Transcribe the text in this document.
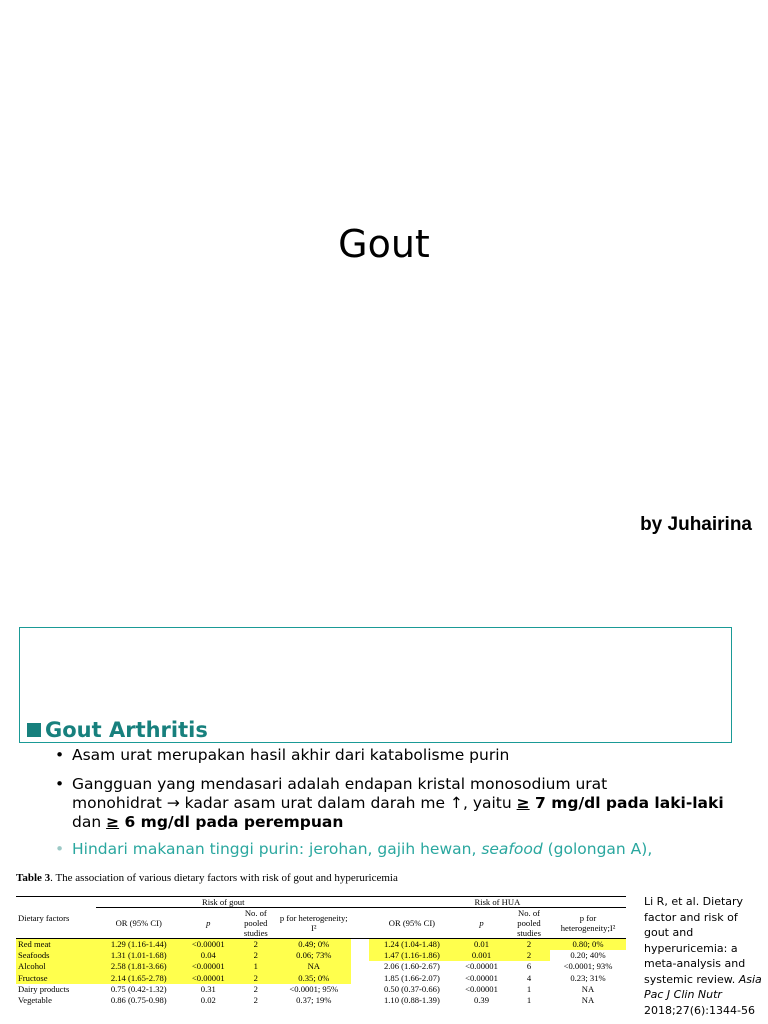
Gout
by Juhairina
Gout Arthritis
• Asam urat merupakan hasil akhir dari katabolisme purin
• Gangguan yang mendasari adalah endapan kristal monosodium urat
monohidrat → kadar asam urat dalam darah me ↑, yaitu ≥ 7 mg/dl pada laki-laki
dan ≥ 6 mg/dl pada perempuan
• Hindari makanan tinggi purin: jerohan, gajih hewan, seafood (golongan A),
Table 3. The association of various dietary factors with risk of gout and hyperuricemia
Dietary factors	Risk of gout					Risk of HUA			
	OR (95% CI)	p	No. of pooled studies	p for heterogeneity; I²		OR (95% CI)	p	No. of pooled studies	p for heterogeneity;I²
Red meat	1.29 (1.16-1.44)	<0.00001	2	0.49; 0%		1.24 (1.04-1.48)	0.01	2	0.80; 0%
Seafoods	1.31 (1.01-1.68)	0.04	2	0.06; 73%		1.47 (1.16-1.86)	0.001	2	0.20; 40%
Alcohol	2.58 (1.81-3.66)	<0.00001	1	NA		2.06 (1.60-2.67)	<0.00001	6	<0.0001; 93%
Fructose	2.14 (1.65-2.78)	<0.00001	2	0.35; 0%		1.85 (1.66-2.07)	<0.00001	4	0.23; 31%
Dairy products	0.75 (0.42-1.32)	0.31	2	<0.0001; 95%		0.50 (0.37-0.66)	<0.00001	1	NA
Vegetable	0.86 (0.75-0.98)	0.02	2	0.37; 19%		1.10 (0.88-1.39)	0.39	1	NA
Li R, et al. Dietary factor and risk of gout and hyperuricemia: a meta-analysis and systemic review. Asia Pac J Clin Nutr
2018;27(6):1344-56
